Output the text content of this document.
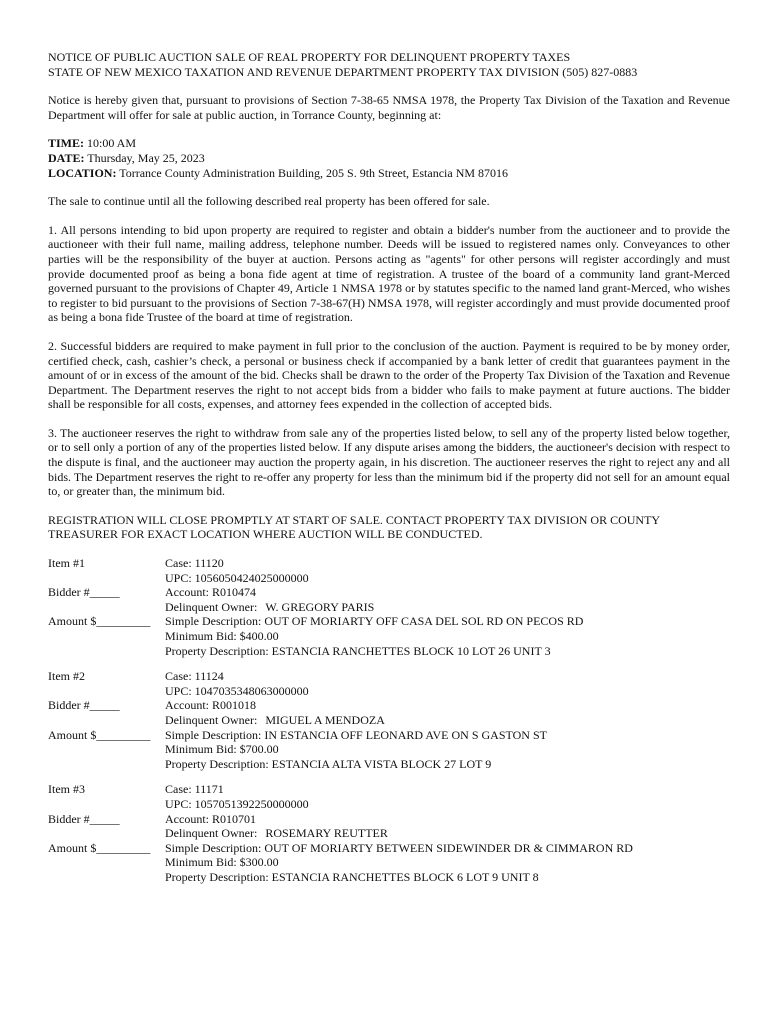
NOTICE OF PUBLIC AUCTION SALE OF REAL PROPERTY FOR DELINQUENT PROPERTY TAXES

STATE OF NEW MEXICO TAXATION AND REVENUE DEPARTMENT PROPERTY TAX DIVISION (505) 827-0883

Notice is hereby given that, pursuant to provisions of Section 7-38-65 NMSA 1978, the Property Tax Division of the Taxation and Revenue Department will offer for sale at public auction, in Torrance County, beginning at:

TIME: 10:00 AM

DATE: Thursday, May 25, 2023

LOCATION: Torrance County Administration Building, 205 S. 9th Street, Estancia NM 87016

The sale to continue until all the following described real property has been offered for sale.

1. All persons intending to bid upon property are required to register and obtain a bidder's number from the auctioneer and to provide the auctioneer with their full name, mailing address, telephone number. Deeds will be issued to registered names only. Conveyances to other parties will be the responsibility of the buyer at auction. Persons acting as "agents" for other persons will register accordingly and must provide documented proof as being a bona fide agent at time of registration. A trustee of the board of a community land grant-Merced governed pursuant to the provisions of Chapter 49, Article 1 NMSA 1978 or by statutes specific to the named land grant-Merced, who wishes to register to bid pursuant to the provisions of Section 7-38-67(H) NMSA 1978, will register accordingly and must provide documented proof as being a bona fide Trustee of the board at time of registration.

2. Successful bidders are required to make payment in full prior to the conclusion of the auction. Payment is required to be by money order, certified check, cash, cashier’s check, a personal or business check if accompanied by a bank letter of credit that guarantees payment in the amount of or in excess of the amount of the bid. Checks shall be drawn to the order of the Property Tax Division of the Taxation and Revenue Department. The Department reserves the right to not accept bids from a bidder who fails to make payment at future auctions. The bidder shall be responsible for all costs, expenses, and attorney fees expended in the collection of accepted bids.

3. The auctioneer reserves the right to withdraw from sale any of the properties listed below, to sell any of the property listed below together, or to sell only a portion of any of the properties listed below. If any dispute arises among the bidders, the auctioneer's decision with respect to the dispute is final, and the auctioneer may auction the property again, in his discretion. The auctioneer reserves the right to reject any and all bids. The Department reserves the right to re-offer any property for less than the minimum bid if the property did not sell for an amount equal to, or greater than, the minimum bid.

REGISTRATION WILL CLOSE PROMPTLY AT START OF SALE. CONTACT PROPERTY TAX DIVISION OR COUNTY TREASURER FOR EXACT LOCATION WHERE AUCTION WILL BE CONDUCTED.

Item #1
Bidder #_____
Amount $_________
Case: 11120
UPC: 1056050424025000000
Account: R010474
Delinquent Owner: W. GREGORY PARIS
Simple Description: OUT OF MORIARTY OFF CASA DEL SOL RD ON PECOS RD
Minimum Bid: $400.00
Property Description: ESTANCIA RANCHETTES BLOCK 10 LOT 26 UNIT 3
Item #2
Bidder #_____
Amount $_________
Case: 11124
UPC: 1047035348063000000
Account: R001018
Delinquent Owner: MIGUEL A MENDOZA
Simple Description: IN ESTANCIA OFF LEONARD AVE ON S GASTON ST
Minimum Bid: $700.00
Property Description: ESTANCIA ALTA VISTA BLOCK 27 LOT 9
Item #3
Bidder #_____
Amount $_________
Case: 11171
UPC: 1057051392250000000
Account: R010701
Delinquent Owner: ROSEMARY REUTTER
Simple Description: OUT OF MORIARTY BETWEEN SIDEWINDER DR & CIMMARON RD
Minimum Bid: $300.00
Property Description: ESTANCIA RANCHETTES BLOCK 6 LOT 9 UNIT 8
